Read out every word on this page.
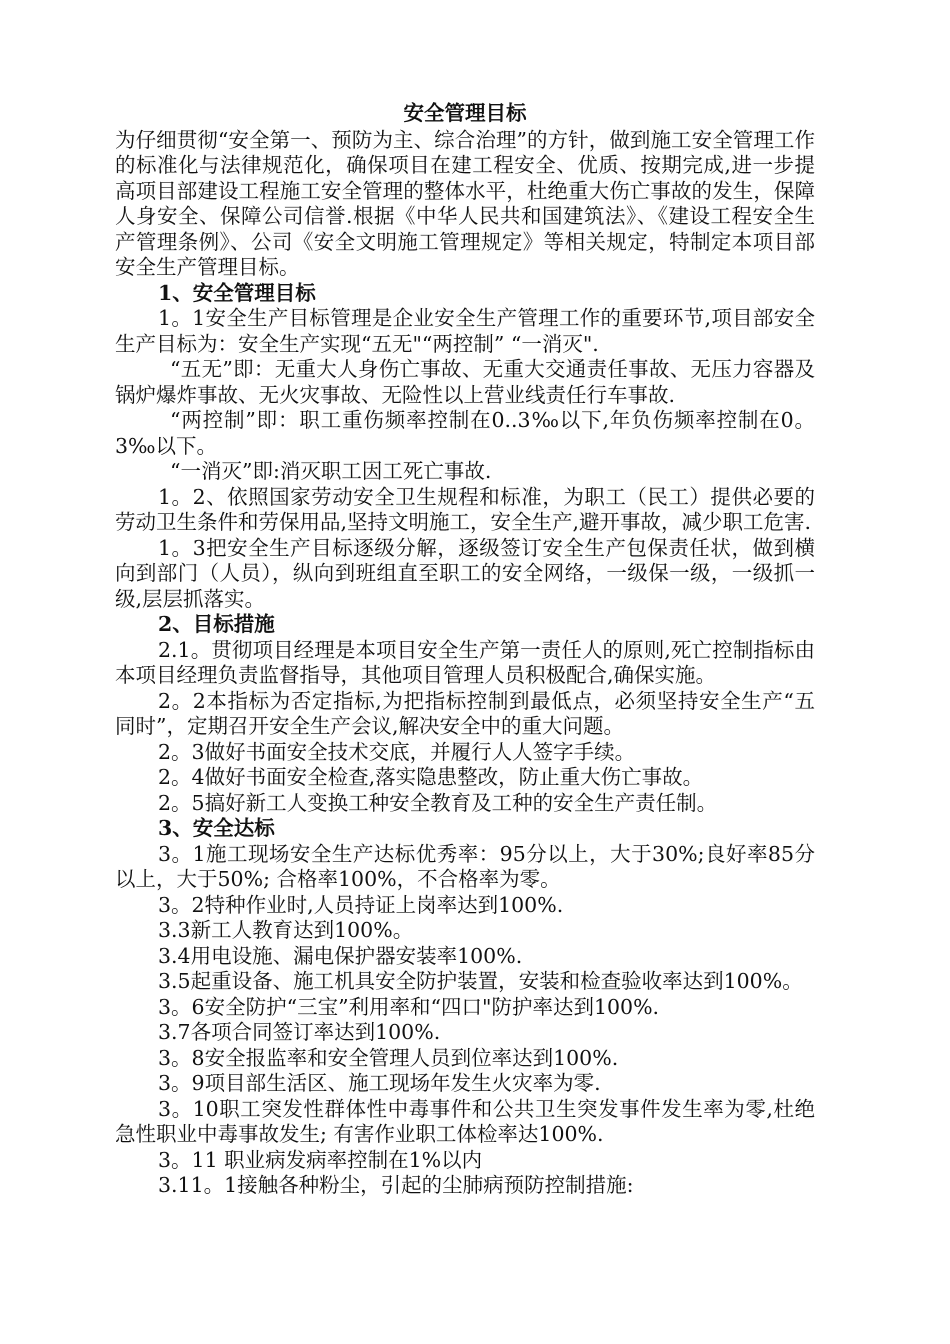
安全管理目标

为仔细贯彻“安全第一、预防为主、综合治理”的方针，做到施工安全管理工作的标准化与法律规范化，确保项目在建工程安全、优质、按期完成,进一步提高项目部建设工程施工安全管理的整体水平，杜绝重大伤亡事故的发生，保障人身安全、保障公司信誉.根据《中华人民共和国建筑法》、《建设工程安全生产管理条例》、公司《安全文明施工管理规定》等相关规定，特制定本项目部安全生产管理目标。

1、安全管理目标

1。1安全生产目标管理是企业安全生产管理工作的重要环节,项目部安全生产目标为：安全生产实现“五无"“两控制” “一消灭".

“五无”即：无重大人身伤亡事故、无重大交通责任事故、无压力容器及锅炉爆炸事故、无火灾事故、无险性以上营业线责任行车事故.

“两控制”即：职工重伤频率控制在0..3‰以下,年负伤频率控制在0。3‰以下。

“一消灭”即:消灭职工因工死亡事故.

1。2、依照国家劳动安全卫生规程和标准，为职工（民工）提供必要的劳动卫生条件和劳保用品,坚持文明施工，安全生产,避开事故，减少职工危害.

1。3把安全生产目标逐级分解，逐级签订安全生产包保责任状，做到横向到部门（人员），纵向到班组直至职工的安全网络，一级保一级，一级抓一级,层层抓落实。

2、目标措施

2.1。贯彻项目经理是本项目安全生产第一责任人的原则,死亡控制指标由本项目经理负责监督指导，其他项目管理人员积极配合,确保实施。

2。2本指标为否定指标,为把指标控制到最低点，必须坚持安全生产“五同时”，定期召开安全生产会议,解决安全中的重大问题。

2。3做好书面安全技术交底，并履行人人签字手续。

2。4做好书面安全检查,落实隐患整改，防止重大伤亡事故。

2。5搞好新工人变换工种安全教育及工种的安全生产责任制。

3、安全达标

3。1施工现场安全生产达标优秀率：95分以上，大于30%;良好率85分以上，大于50%; 合格率100%，不合格率为零。

3。2特种作业时,人员持证上岗率达到100%.

3.3新工人教育达到100%。

3.4用电设施、漏电保护器安装率100%.

3.5起重设备、施工机具安全防护装置，安装和检查验收率达到100%。

3。6安全防护“三宝”利用率和“四口"防护率达到100%.

3.7各项合同签订率达到100%.

3。8安全报监率和安全管理人员到位率达到100%.

3。9项目部生活区、施工现场年发生火灾率为零.

3。10职工突发性群体性中毒事件和公共卫生突发事件发生率为零,杜绝急性职业中毒事故发生; 有害作业职工体检率达100%.

3。11 职业病发病率控制在1%以内

3.11。1接触各种粉尘，引起的尘肺病预防控制措施:
